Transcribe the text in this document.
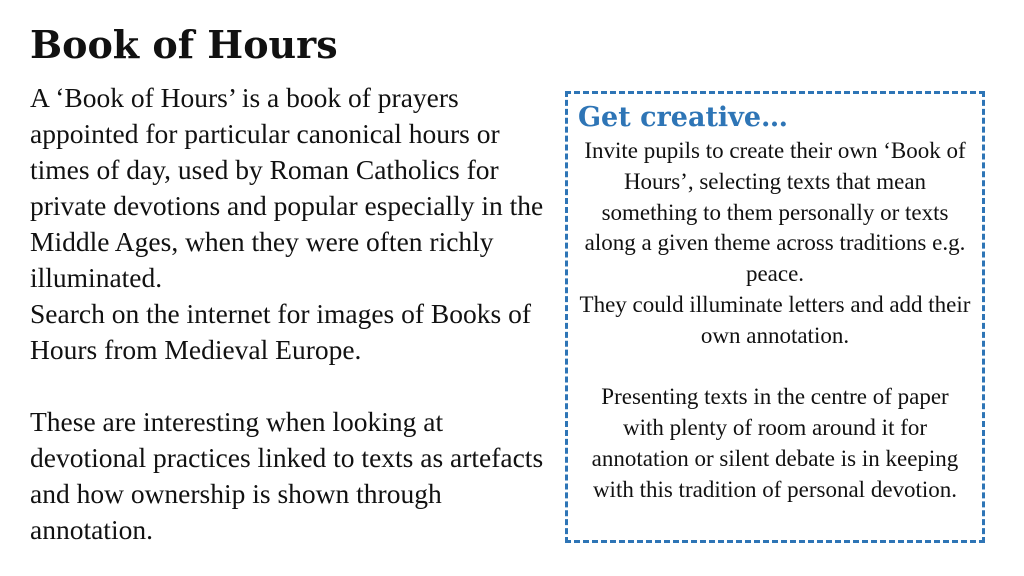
Book of Hours

A ‘Book of Hours’ is a book of prayers appointed for particular canonical hours or times of day, used by Roman Catholics for private devotions and popular especially in the Middle Ages, when they were often richly illuminated.

Search on the internet for images of Books of Hours from Medieval Europe.

These are interesting when looking at devotional practices linked to texts as artefacts and how ownership is shown through annotation.

Get creative…

Invite pupils to create their own ‘Book of Hours’, selecting texts that mean something to them personally or texts along a given theme across traditions e.g. peace.

They could illuminate letters and add their own annotation.

Presenting texts in the centre of paper with plenty of room around it for annotation or silent debate is in keeping with this tradition of personal devotion.
